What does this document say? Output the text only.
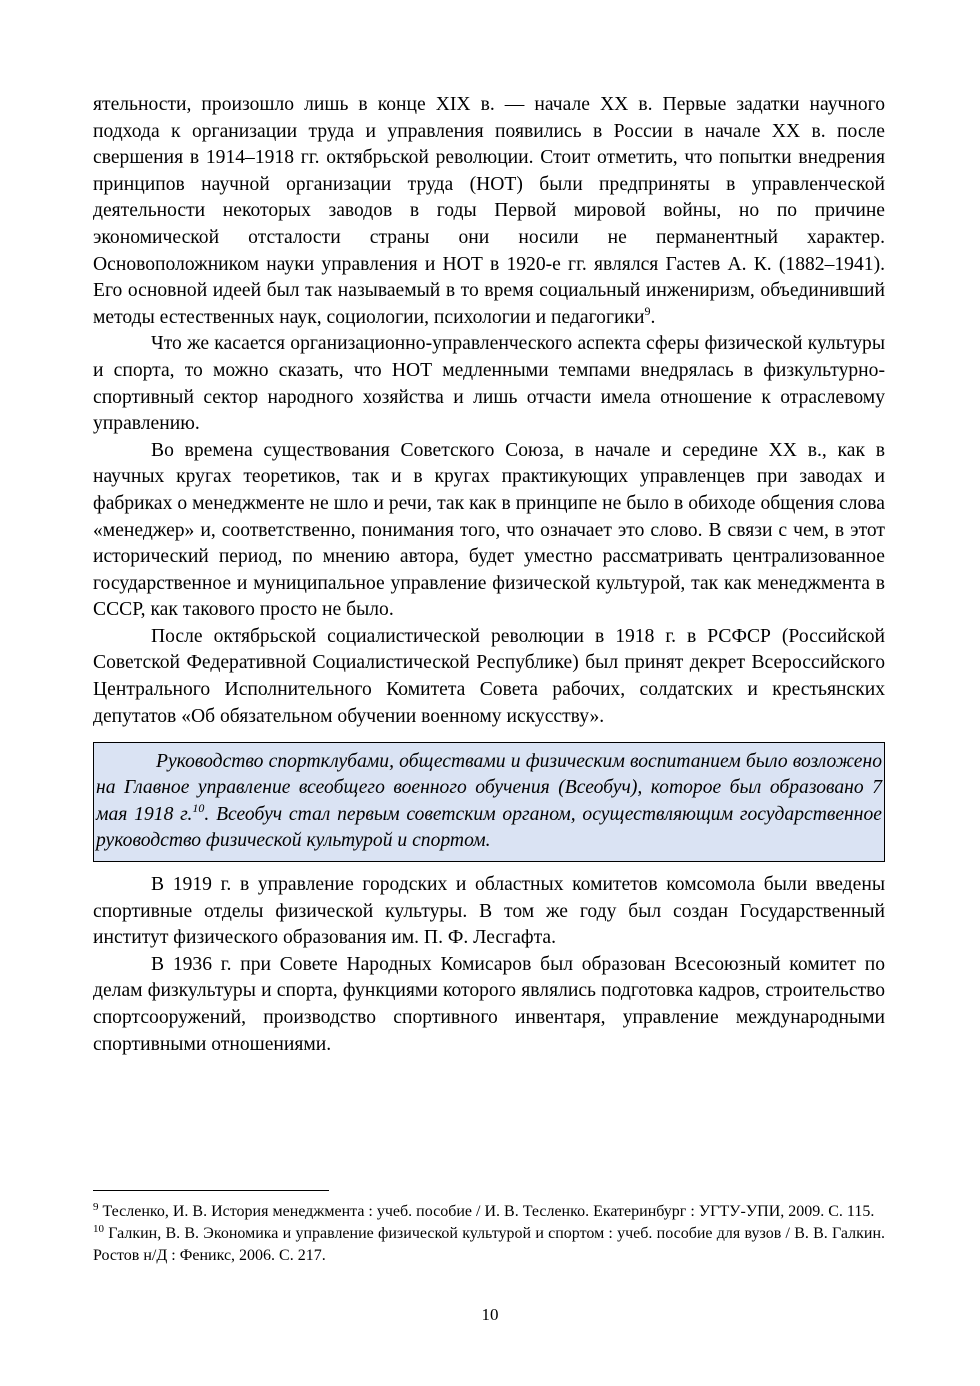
ятельности, произошло лишь в конце XIX в. — начале XX в. Первые задатки научного подхода к организации труда и управления появились в России в начале XX в. после свершения в 1914–1918 гг. октябрьской революции. Стоит отметить, что попытки внедрения принципов научной организации труда (НОТ) были предприняты в управленческой деятельности некоторых заводов в годы Первой мировой войны, но по причине экономической отсталости страны они носили не перманентный характер. Основоположником науки управления и НОТ в 1920-е гг. являлся Гастев А. К. (1882–1941). Его основной идеей был так называемый в то время социальный инжениризм, объединивший методы естественных наук, социологии, психологии и педагогики$^9$.

Что же касается организационно-управленческого аспекта сферы физической культуры и спорта, то можно сказать, что НОТ медленными темпами внедрялась в физкультурно-спортивный сектор народного хозяйства и лишь отчасти имела отношение к отраслевому управлению.

Во времена существования Советского Союза, в начале и середине XX в., как в научных кругах теоретиков, так и в кругах практикующих управленцев при заводах и фабриках о менеджменте не шло и речи, так как в принципе не было в обиходе общения слова «менеджер» и, соответственно, понимания того, что означает это слово. В связи с чем, в этот исторический период, по мнению автора, будет уместно рассматривать централизованное государственное и муниципальное управление физической культурой, так как менеджмента в СССР, как такового просто не было.

После октябрьской социалистической революции в 1918 г. в РСФСР (Российской Советской Федеративной Социалистической Республике) был принят декрет Всероссийского Центрального Исполнительного Комитета Совета рабочих, солдатских и крестьянских депутатов «Об обязательном обучении военному искусству».

Руководство спортклубами, обществами и физическим воспитанием было возложено на Главное управление всеобщего военного обучения (Всеобуч), которое был образовано 7 мая 1918 г.$^{10}$. Всеобуч стал первым советским органом, осуществляющим государственное руководство физической культурой и спортом.

В 1919 г. в управление городских и областных комитетов комсомола были введены спортивные отделы физической культуры. В том же году был создан Государственный институт физического образования им. П. Ф. Лесгафта.

В 1936 г. при Совете Народных Комисаров был образован Всесоюзный комитет по делам физкультуры и спорта, функциями которого являлись подготовка кадров, строительство спортсооружений, производство спортивного инвентаря, управление международными спортивными отношениями.

$^9$ Тесленко, И. В. История менеджмента : учеб. пособие / И. В. Тесленко. Екатеринбург : УГТУ-УПИ, 2009. С. 115.

$^{10}$ Галкин, В. В. Экономика и управление физической культурой и спортом : учеб. пособие для вузов / В. В. Галкин. Ростов н/Д : Феникс, 2006. С. 217.

10
